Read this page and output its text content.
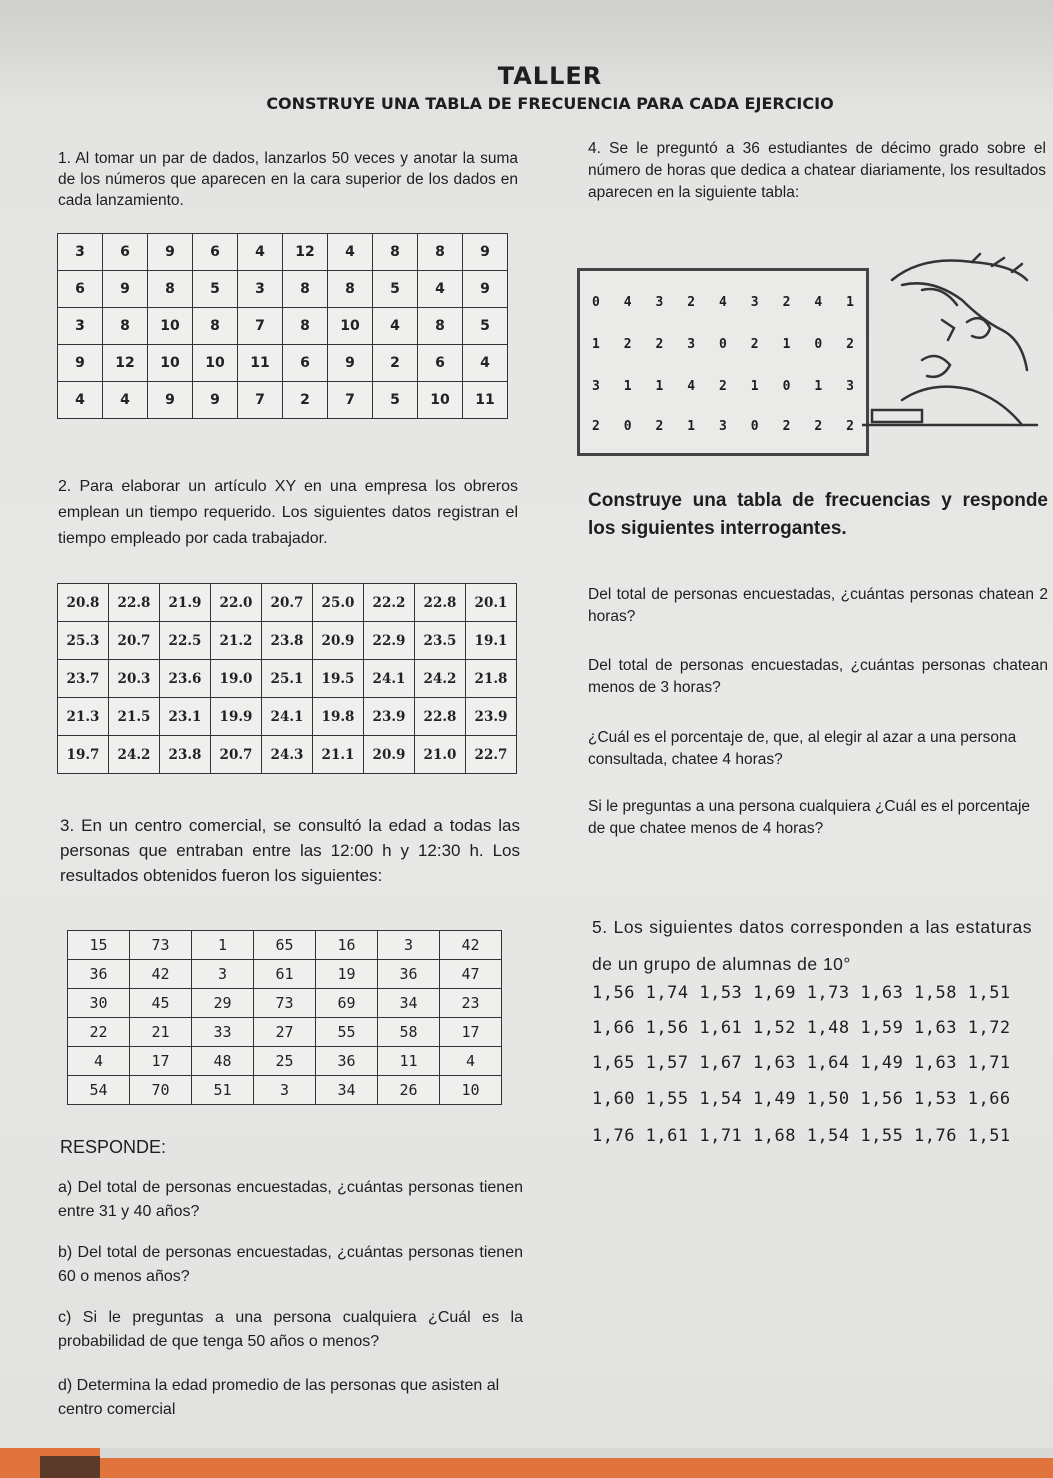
TALLER
CONSTRUYE UNA TABLA DE FRECUENCIA PARA CADA EJERCICIO
1. Al tomar un par de dados, lanzarlos 50 veces y anotar la suma de los números que aparecen en la cara superior de los dados en cada lanzamiento.
3	6	9	6	4	12	4	8	8	9
6	9	8	5	3	8	8	5	4	9
3	8	10	8	7	8	10	4	8	5
9	12	10	10	11	6	9	2	6	4
4	4	9	9	7	2	7	5	10	11
2. Para elaborar un artículo XY en una empresa los obreros emplean un tiempo requerido. Los siguientes datos registran el tiempo empleado por cada trabajador.
20.8	22.8	21.9	22.0	20.7	25.0	22.2	22.8	20.1
25.3	20.7	22.5	21.2	23.8	20.9	22.9	23.5	19.1
23.7	20.3	23.6	19.0	25.1	19.5	24.1	24.2	21.8
21.3	21.5	23.1	19.9	24.1	19.8	23.9	22.8	23.9
19.7	24.2	23.8	20.7	24.3	21.1	20.9	21.0	22.7
3. En un centro comercial, se consultó la edad a todas las personas que entraban entre las 12:00 h y 12:30 h. Los resultados obtenidos fueron los siguientes:
15	73	1	65	16	3	42
36	42	3	61	19	36	47
30	45	29	73	69	34	23
22	21	33	27	55	58	17
4	17	48	25	36	11	4
54	70	51	3	34	26	10
RESPONDE:
a) Del total de personas encuestadas, ¿cuántas personas tienen entre 31 y 40 años?
b) Del total de personas encuestadas, ¿cuántas personas tienen 60 o menos años?
c) Si le preguntas a una persona cualquiera ¿Cuál es la probabilidad de que tenga 50 años o menos?
d) Determina la edad promedio de las personas que asisten al centro comercial
4. Se le preguntó a 36 estudiantes de décimo grado sobre el número de horas que dedica a chatear diariamente, los resultados aparecen en la siguiente tabla:
0 4 3 2 4 3 2 4 1
1 2 2 3 0 2 1 0 2
3 1 1 4 2 1 0 1 3
2 0 2 1 3 0 2 2 2
Construye una tabla de frecuencias y responde los siguientes interrogantes.
Del total de personas encuestadas, ¿cuántas personas chatean 2 horas?
Del total de personas encuestadas, ¿cuántas personas chatean menos de 3 horas?
¿Cuál es el porcentaje de, que, al elegir al azar a una persona consultada, chatee 4 horas?
Si le preguntas a una persona cualquiera ¿Cuál es el porcentaje de que chatee menos de 4 horas?
5. Los siguientes datos corresponden a las estaturas de un grupo de alumnas de 10°
1,56 1,74 1,53 1,69 1,73 1,63 1,58 1,51
1,66 1,56 1,61 1,52 1,48 1,59 1,63 1,72
1,65 1,57 1,67 1,63 1,64 1,49 1,63 1,71
1,60 1,55 1,54 1,49 1,50 1,56 1,53 1,66
1,76 1,61 1,71 1,68 1,54 1,55 1,76 1,51
